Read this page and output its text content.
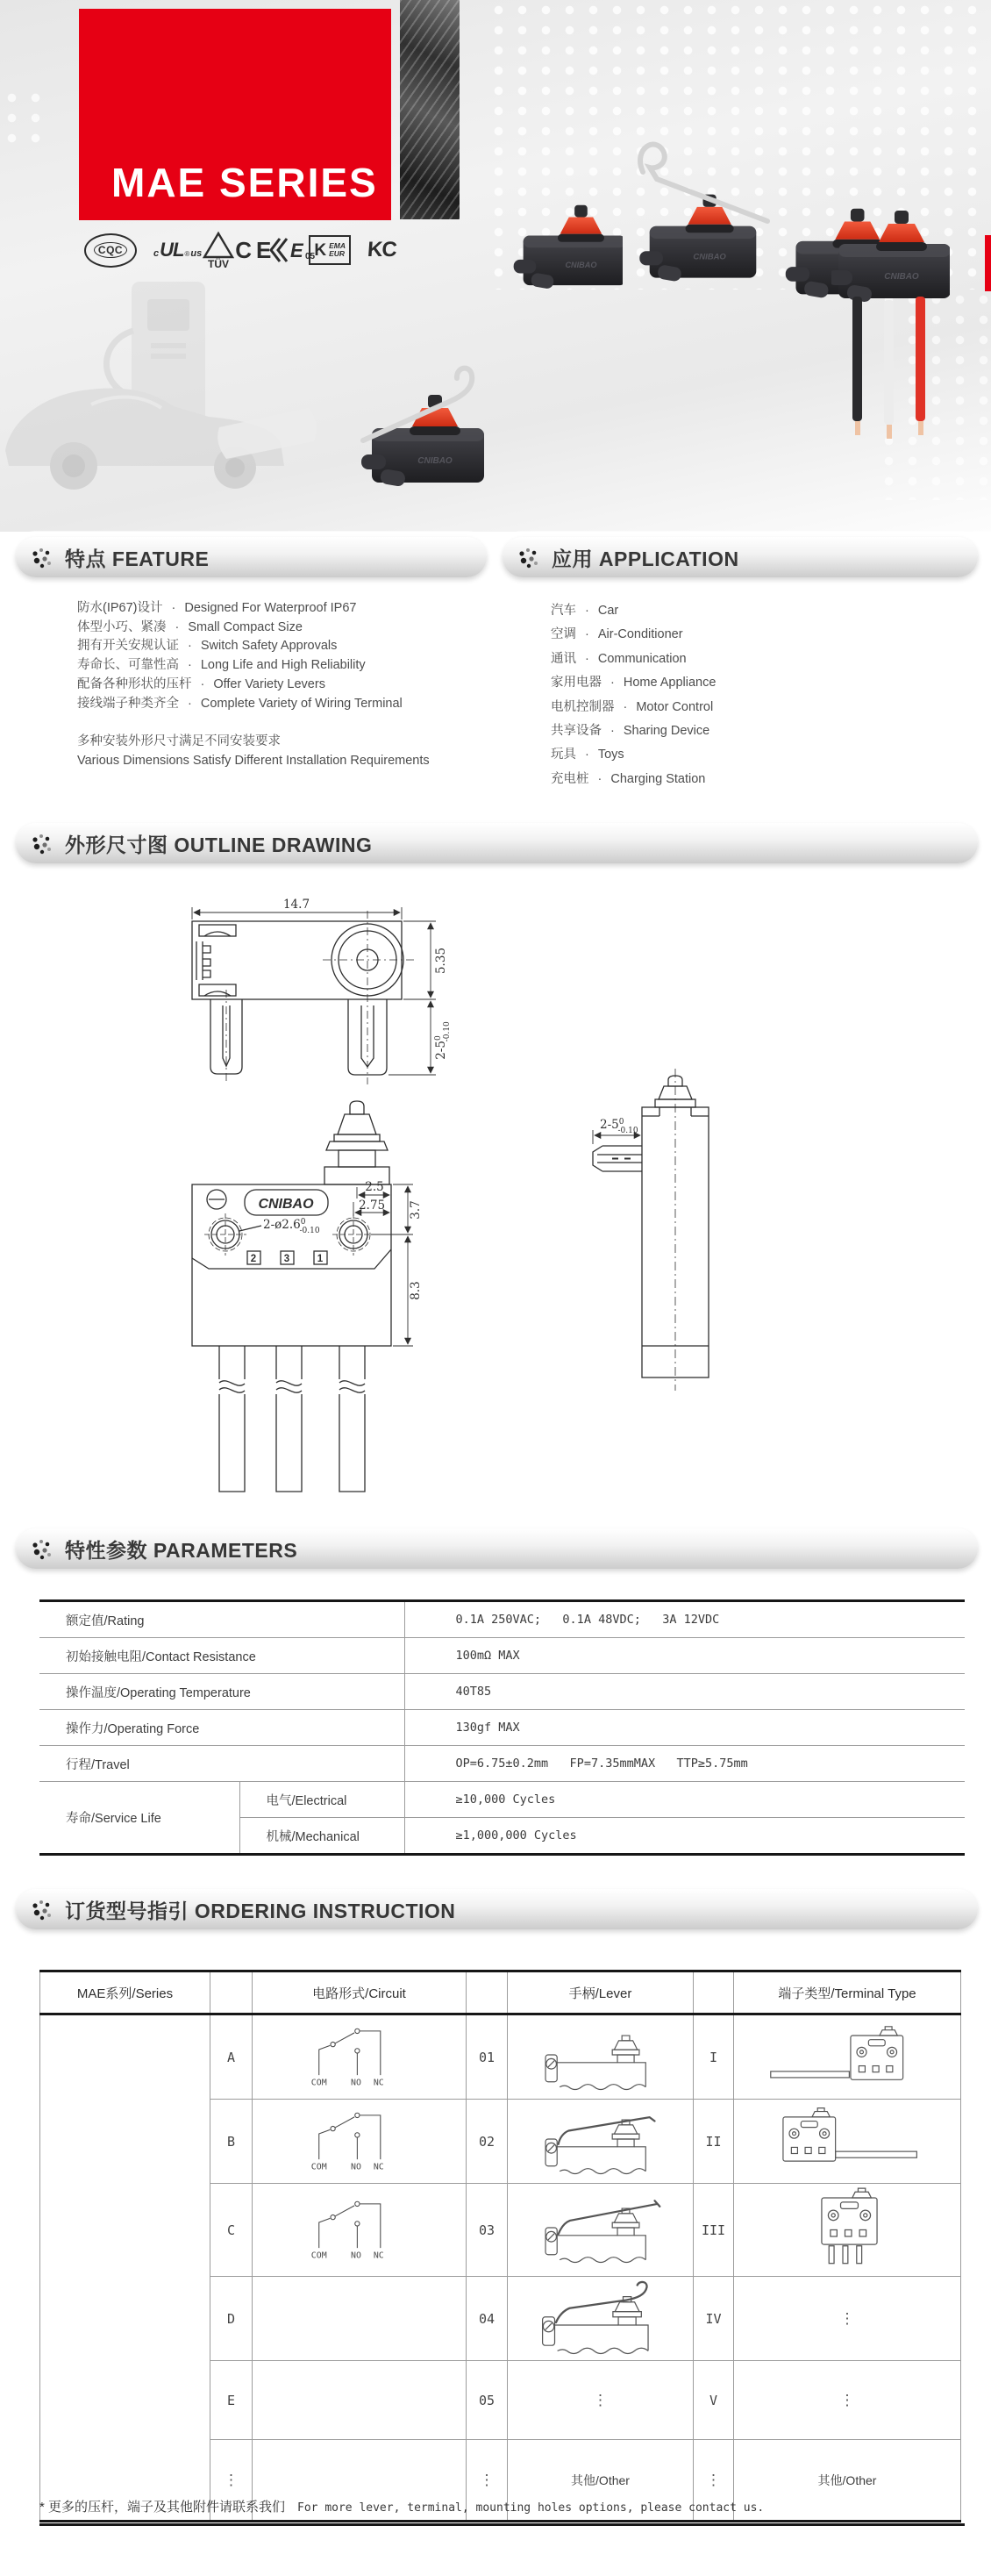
MAE SERIES
CQC	c $UL_®$ us
TÜV
CE E 05
K EMA
EUR KC
特点 FEATURE	应用 APPLICATION
外形尺寸图 OUTLINE DRAWING
特性参数 PARAMETERS
订货型号指引 ORDERING INSTRUCTION
防水(IP67)设计 · Designed For Waterproof IP67
体型小巧、紧凑 · Small Compact Size
拥有开关安规认证 · Switch Safety Approvals
寿命长、可靠性高 · Long Life and High Reliability
配备各种形状的压杆 · Offer Variety Levers
接线端子种类齐全 · Complete Variety of Wiring Terminal
多种安装外形尺寸满足不同安装要求
Various Dimensions Satisfy Different Installation Requirements
汽车 · Car
空调 · Air-Conditioner
通讯 · Communication
家用电器 · Home Appliance
电机控制器 · Motor Control
共享设备 · Sharing Device
玩具 · Toys
充电桩 · Charging Station
14.7
5.35
$2-5^0-0.10$
CNIBAO
2	3	1
$2-ø2.6^0$ -0.10
2.5
2.75 3.7
8.3
$2-5^0$ -0.10
额定值/Rating		0.1A 250VAC;   0.1A 48VDC;   3A 12VDC
初始接触电阻/Contact Resistance		100mΩ MAX
操作温度/Operating Temperature		40T85
操作力/Operating Force		130gf MAX
行程/Travel		OP=6.75±0.2mm   FP=7.35mmMAX   TTP≥5.75mm
寿命/Service Life	电气/Electrical	≥10,000 Cycles
	机械/Mechanical	≥1,000,000 Cycles
MAE系列/Series		电路形式/Circuit		手柄/Lever		端子类型/Terminal Type
	A		01		I	
	B		02		II	
	C		03		III	
	D		04		IV	⋮
	E		05	⋮	V	⋮
	⋮		⋮	其他/Other	⋮	其他/Other
* 更多的压杆，端子及其他附件请联系我们 For more lever, terminal, mounting holes options, please contact us.
